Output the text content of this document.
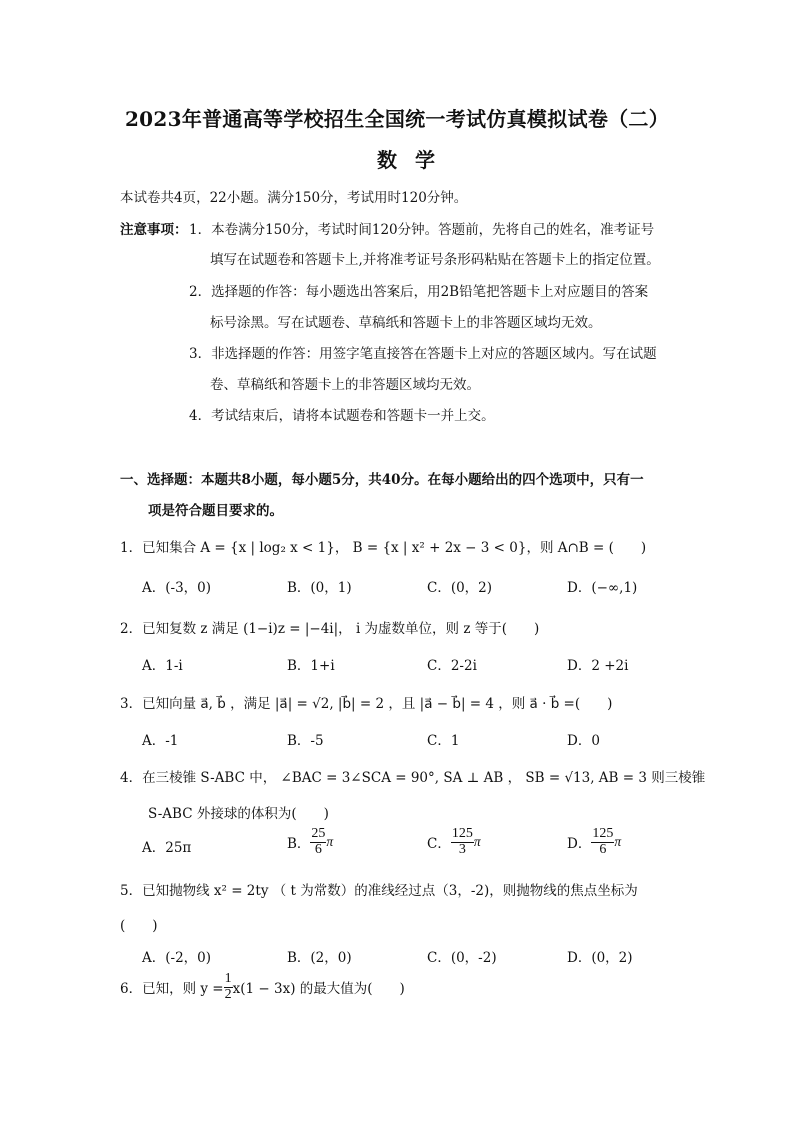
2023年普通高等学校招生全国统一考试仿真模拟试卷（二）
数学
本试卷共4页，22小题。满分150分，考试用时120分钟。
注意事项： 1．本卷满分150分，考试时间120分钟。答题前，先将自己的姓名，准考证号
填写在试题卷和答题卡上,并将准考证号条形码粘贴在答题卡上的指定位置。
2．选择题的作答：每小题选出答案后，用2B铅笔把答题卡上对应题目的答案
标号涂黑。写在试题卷、草稿纸和答题卡上的非答题区域均无效。
3．非选择题的作答：用签字笔直接答在答题卡上对应的答题区域内。写在试题
卷、草稿纸和答题卡上的非答题区域均无效。
4．考试结束后，请将本试题卷和答题卡一并上交。
一、选择题：本题共8小题，每小题5分，共40分。在每小题给出的四个选项中，只有一
项是符合题目要求的。
1．已知集合 A = {x | log₂ x < 1}， B = {x | x² + 2x − 3 < 0}，则 A∩B = (　　)
A．(-3，0)	B．(0，1)	C．(0，2)	D．(−∞,1)
2．已知复数 z 满足 (1−i)z = |−4i|， i 为虚数单位，则 z 等于(　　)
A．1-i	B．1+i	C．2-2i	D．2 +2i
3．已知向量 a⃗, b⃗ ，满足 |a⃗| = √2, |b⃗| = 2 ，且 |a⃗ − b⃗| = 4 ，则 a⃗ · b⃗ =(　　)
A．-1	B．-5	C．1	D．0
4．在三棱锥 S-ABC 中， ∠BAC = 3∠SCA = 90°, SA ⊥ AB ， SB = √13, AB = 3 则三棱锥
S-ABC 外接球的体积为(　　)
A．25π	B． $\frac{25}{6}$ π	C． $\frac{125}{3}$ π	D． $\frac{125}{6}$ π
5．已知抛物线 x² = 2ty （ t 为常数）的准线经过点（3，-2)，则抛物线的焦点坐标为
(　　)
A．(-2，0)	B．(2，0)	C．(0，-2)	D．(0，2)
6．已知，则 $y = \frac{1}{2} x(1 - 3x)$ 的最大值为(　　)
